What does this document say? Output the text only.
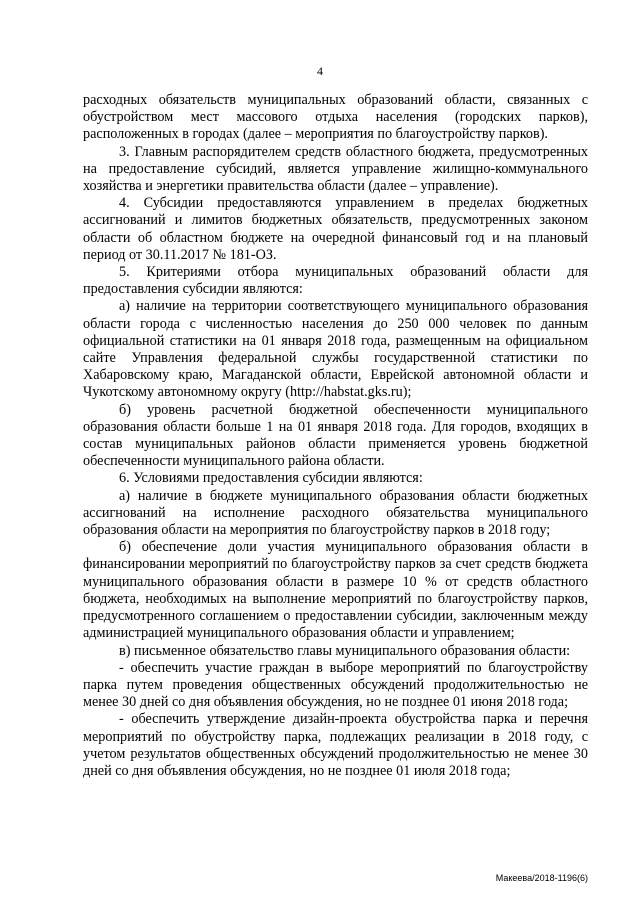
4

расходных обязательств муниципальных образований области, связанных с обустройством мест массового отдыха населения (городских парков), расположенных в городах (далее – мероприятия по благоустройству парков).

3. Главным распорядителем средств областного бюджета, предусмотренных на предоставление субсидий, является управление жилищно-коммунального хозяйства и энергетики правительства области (далее – управление).

4. Субсидии предоставляются управлением в пределах бюджетных ассигнований и лимитов бюджетных обязательств, предусмотренных законом области об областном бюджете на очередной финансовый год и на плановый период от 30.11.2017 № 181-ОЗ.

5. Критериями отбора муниципальных образований области для предоставления субсидии являются:

а) наличие на территории соответствующего муниципального образования области города с численностью населения до 250 000 человек по данным официальной статистики на 01 января 2018 года, размещенным на официальном сайте Управления федеральной службы государственной статистики по Хабаровскому краю, Магаданской области, Еврейской автономной области и Чукотскому автономному округу (http://habstat.gks.ru);

б) уровень расчетной бюджетной обеспеченности муниципального образования области больше 1 на 01 января 2018 года. Для городов, входящих в состав муниципальных районов области применяется уровень бюджетной обеспеченности муниципального района области.

6. Условиями предоставления субсидии являются:

а) наличие в бюджете муниципального образования области бюджетных ассигнований на исполнение расходного обязательства муниципального образования области на мероприятия по благоустройству парков в 2018 году;

б) обеспечение доли участия муниципального образования области в финансировании мероприятий по благоустройству парков за счет средств бюджета муниципального образования области в размере 10 % от средств областного бюджета, необходимых на выполнение мероприятий по благоустройству парков, предусмотренного соглашением о предоставлении субсидии, заключенным между администрацией муниципального образования области и управлением;

в) письменное обязательство главы муниципального образования области:

- обеспечить участие граждан в выборе мероприятий по благоустройству парка путем проведения общественных обсуждений продолжительностью не менее 30 дней со дня объявления обсуждения, но не позднее 01 июня 2018 года;

- обеспечить утверждение дизайн-проекта обустройства парка и перечня мероприятий по обустройству парка, подлежащих реализации в 2018 году, с учетом результатов общественных обсуждений продолжительностью не менее 30 дней со дня объявления обсуждения, но не позднее 01 июля 2018 года;

Макеева/2018-1196(6)
